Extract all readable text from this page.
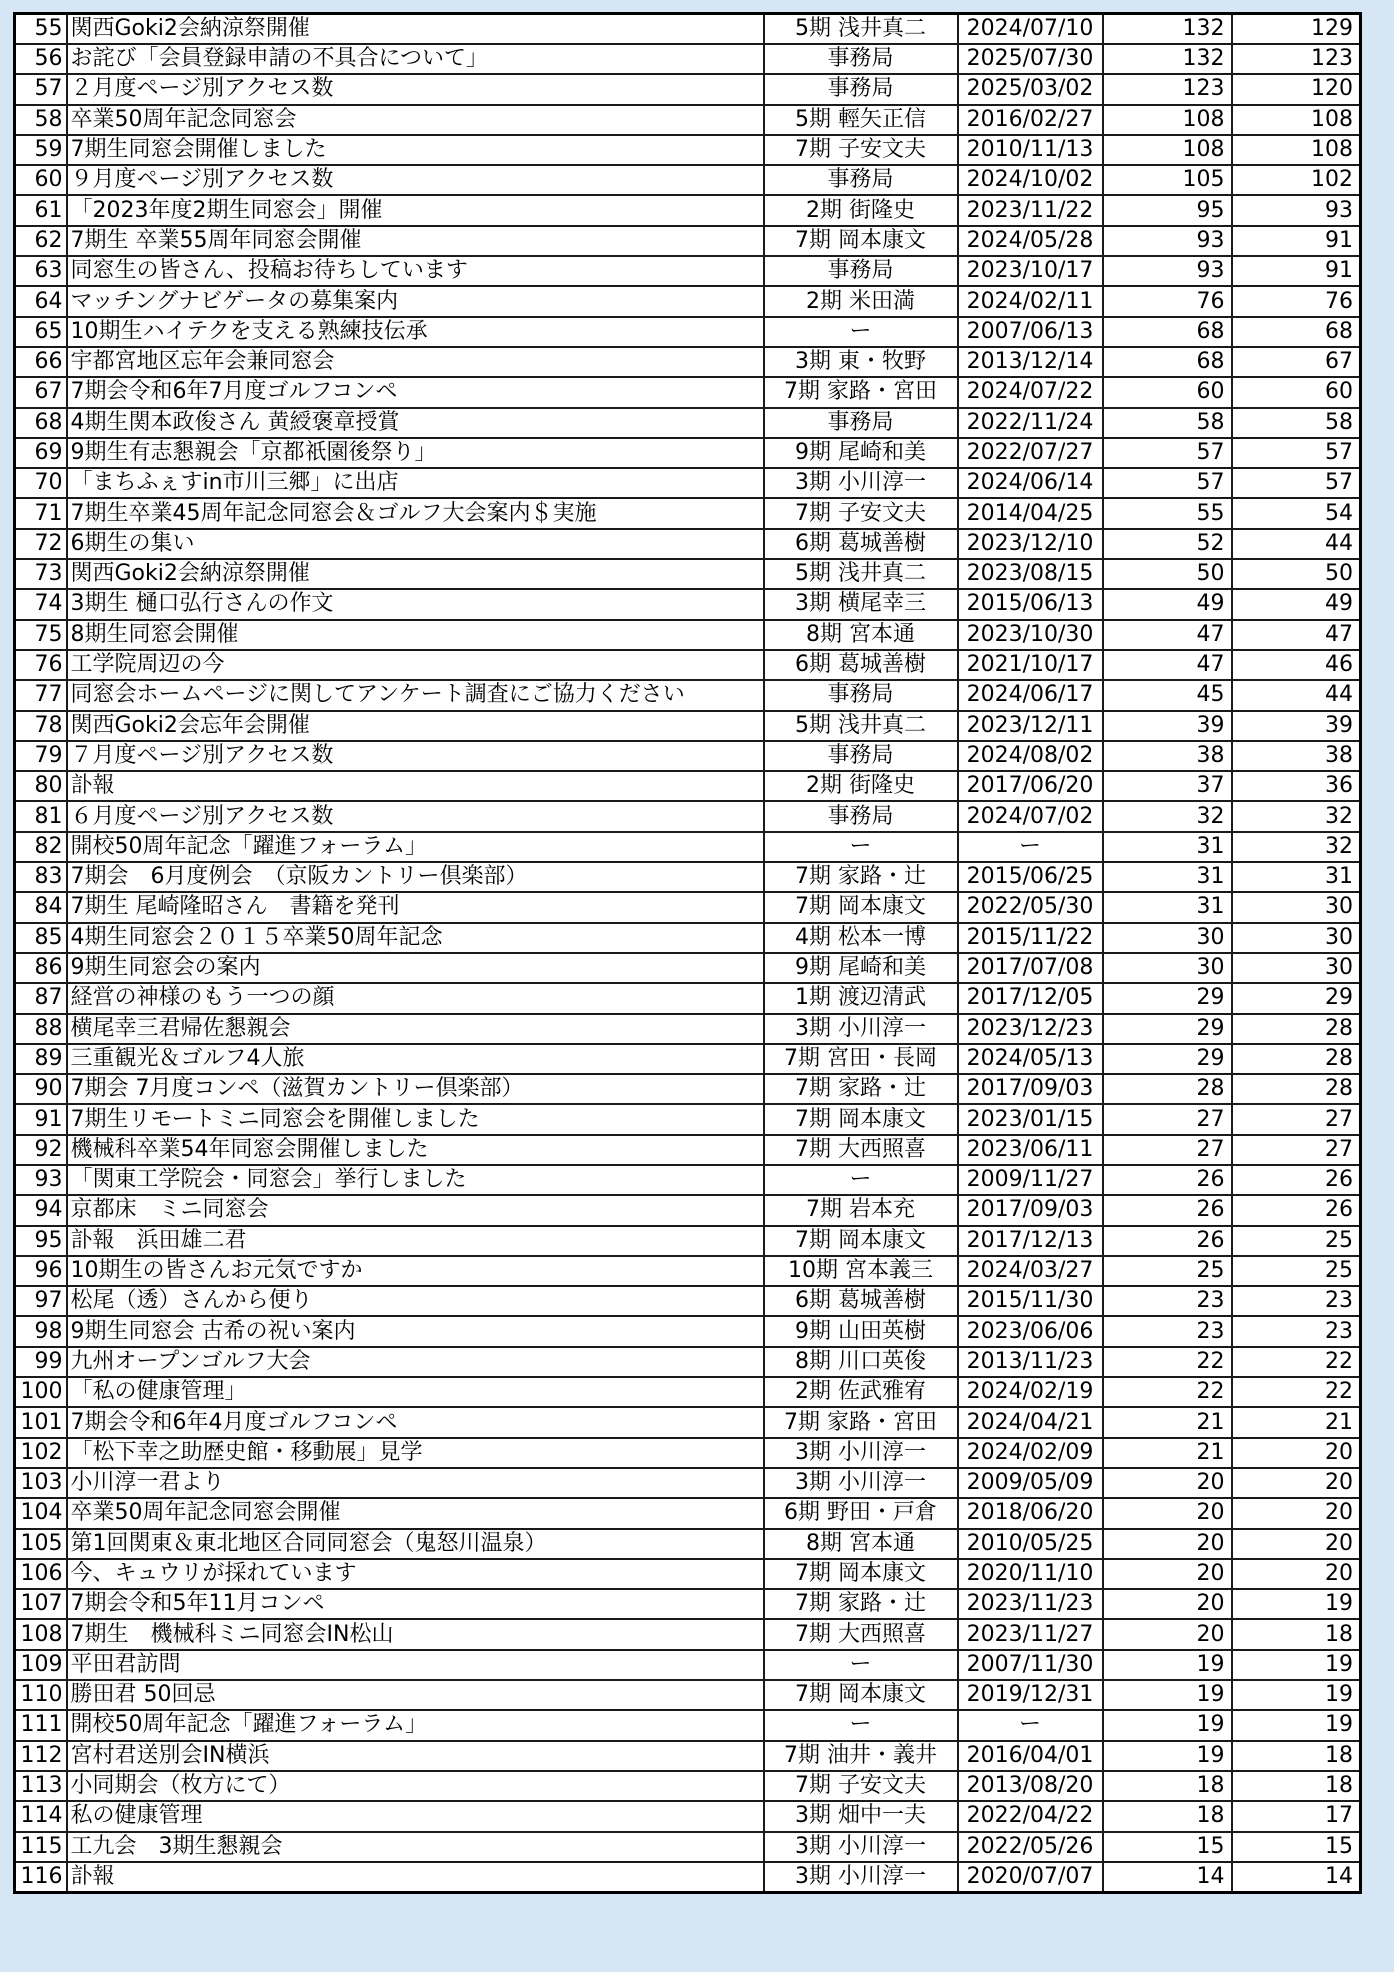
55	関西Goki2会納涼祭開催	5期 浅井真二	2024/07/10	132	129
56	お詫び「会員登録申請の不具合について」	事務局	2025/07/30	132	123
57	２月度ページ別アクセス数	事務局	2025/03/02	123	120
58	卒業50周年記念同窓会	5期 輕矢正信	2016/02/27	108	108
59	7期生同窓会開催しました	7期 子安文夫	2010/11/13	108	108
60	９月度ページ別アクセス数	事務局	2024/10/02	105	102
61	「2023年度2期生同窓会」開催	2期 街隆史	2023/11/22	95	93
62	7期生 卒業55周年同窓会開催	7期 岡本康文	2024/05/28	93	91
63	同窓生の皆さん、投稿お待ちしています	事務局	2023/10/17	93	91
64	マッチングナビゲータの募集案内	2期 米田満	2024/02/11	76	76
65	10期生ハイテクを支える熟練技伝承	ー	2007/06/13	68	68
66	宇都宮地区忘年会兼同窓会	3期 東・牧野	2013/12/14	68	67
67	7期会令和6年7月度ゴルフコンペ	7期 家路・宮田	2024/07/22	60	60
68	4期生関本政俊さん 黄綬褒章授賞	事務局	2022/11/24	58	58
69	9期生有志懇親会「京都祇園後祭り」	9期 尾崎和美	2022/07/27	57	57
70	「まちふぇすin市川三郷」に出店	3期 小川淳一	2024/06/14	57	57
71	7期生卒業45周年記念同窓会＆ゴルフ大会案内＄実施	7期 子安文夫	2014/04/25	55	54
72	6期生の集い	6期 葛城善樹	2023/12/10	52	44
73	関西Goki2会納涼祭開催	5期 浅井真二	2023/08/15	50	50
74	3期生 樋口弘行さんの作文	3期 横尾幸三	2015/06/13	49	49
75	8期生同窓会開催	8期 宮本通	2023/10/30	47	47
76	工学院周辺の今	6期 葛城善樹	2021/10/17	47	46
77	同窓会ホームページに関してアンケート調査にご協力ください	事務局	2024/06/17	45	44
78	関西Goki2会忘年会開催	5期 浅井真二	2023/12/11	39	39
79	７月度ページ別アクセス数	事務局	2024/08/02	38	38
80	訃報	2期 街隆史	2017/06/20	37	36
81	６月度ページ別アクセス数	事務局	2024/07/02	32	32
82	開校50周年記念「躍進フォーラム」	ー	ー	31	32
83	7期会　6月度例会　（京阪カントリー倶楽部）	7期 家路・辻	2015/06/25	31	31
84	7期生 尾崎隆昭さん　書籍を発刊	7期 岡本康文	2022/05/30	31	30
85	4期生同窓会２０１５卒業50周年記念	4期 松本一博	2015/11/22	30	30
86	9期生同窓会の案内	9期 尾崎和美	2017/07/08	30	30
87	経営の神様のもう一つの顔	1期 渡辺清武	2017/12/05	29	29
88	横尾幸三君帰佐懇親会	3期 小川淳一	2023/12/23	29	28
89	三重観光＆ゴルフ4人旅	7期 宮田・長岡	2024/05/13	29	28
90	7期会 7月度コンペ（滋賀カントリー倶楽部）	7期 家路・辻	2017/09/03	28	28
91	7期生リモートミニ同窓会を開催しました	7期 岡本康文	2023/01/15	27	27
92	機械科卒業54年同窓会開催しました	7期 大西照喜	2023/06/11	27	27
93	「関東工学院会・同窓会」挙行しました	ー	2009/11/27	26	26
94	京都床　ミニ同窓会	7期 岩本充	2017/09/03	26	26
95	訃報　浜田雄二君	7期 岡本康文	2017/12/13	26	25
96	10期生の皆さんお元気ですか	10期 宮本義三	2024/03/27	25	25
97	松尾（透）さんから便り	6期 葛城善樹	2015/11/30	23	23
98	9期生同窓会 古希の祝い案内	9期 山田英樹	2023/06/06	23	23
99	九州オープンゴルフ大会	8期 川口英俊	2013/11/23	22	22
100	「私の健康管理」	2期 佐武雅宥	2024/02/19	22	22
101	7期会令和6年4月度ゴルフコンペ	7期 家路・宮田	2024/04/21	21	21
102	「松下幸之助歴史館・移動展」見学	3期 小川淳一	2024/02/09	21	20
103	小川淳一君より	3期 小川淳一	2009/05/09	20	20
104	卒業50周年記念同窓会開催	6期 野田・戸倉	2018/06/20	20	20
105	第1回関東＆東北地区合同同窓会（鬼怒川温泉）	8期 宮本通	2010/05/25	20	20
106	今、キュウリが採れています	7期 岡本康文	2020/11/10	20	20
107	7期会令和5年11月コンペ	7期 家路・辻	2023/11/23	20	19
108	7期生　機械科ミニ同窓会IN松山	7期 大西照喜	2023/11/27	20	18
109	平田君訪問	ー	2007/11/30	19	19
110	勝田君 50回忌	7期 岡本康文	2019/12/31	19	19
111	開校50周年記念「躍進フォーラム」	ー	ー	19	19
112	宮村君送別会IN横浜	7期 油井・義井	2016/04/01	19	18
113	小同期会（枚方にて）	7期 子安文夫	2013/08/20	18	18
114	私の健康管理	3期 畑中一夫	2022/04/22	18	17
115	工九会　3期生懇親会	3期 小川淳一	2022/05/26	15	15
116	訃報	3期 小川淳一	2020/07/07	14	14
